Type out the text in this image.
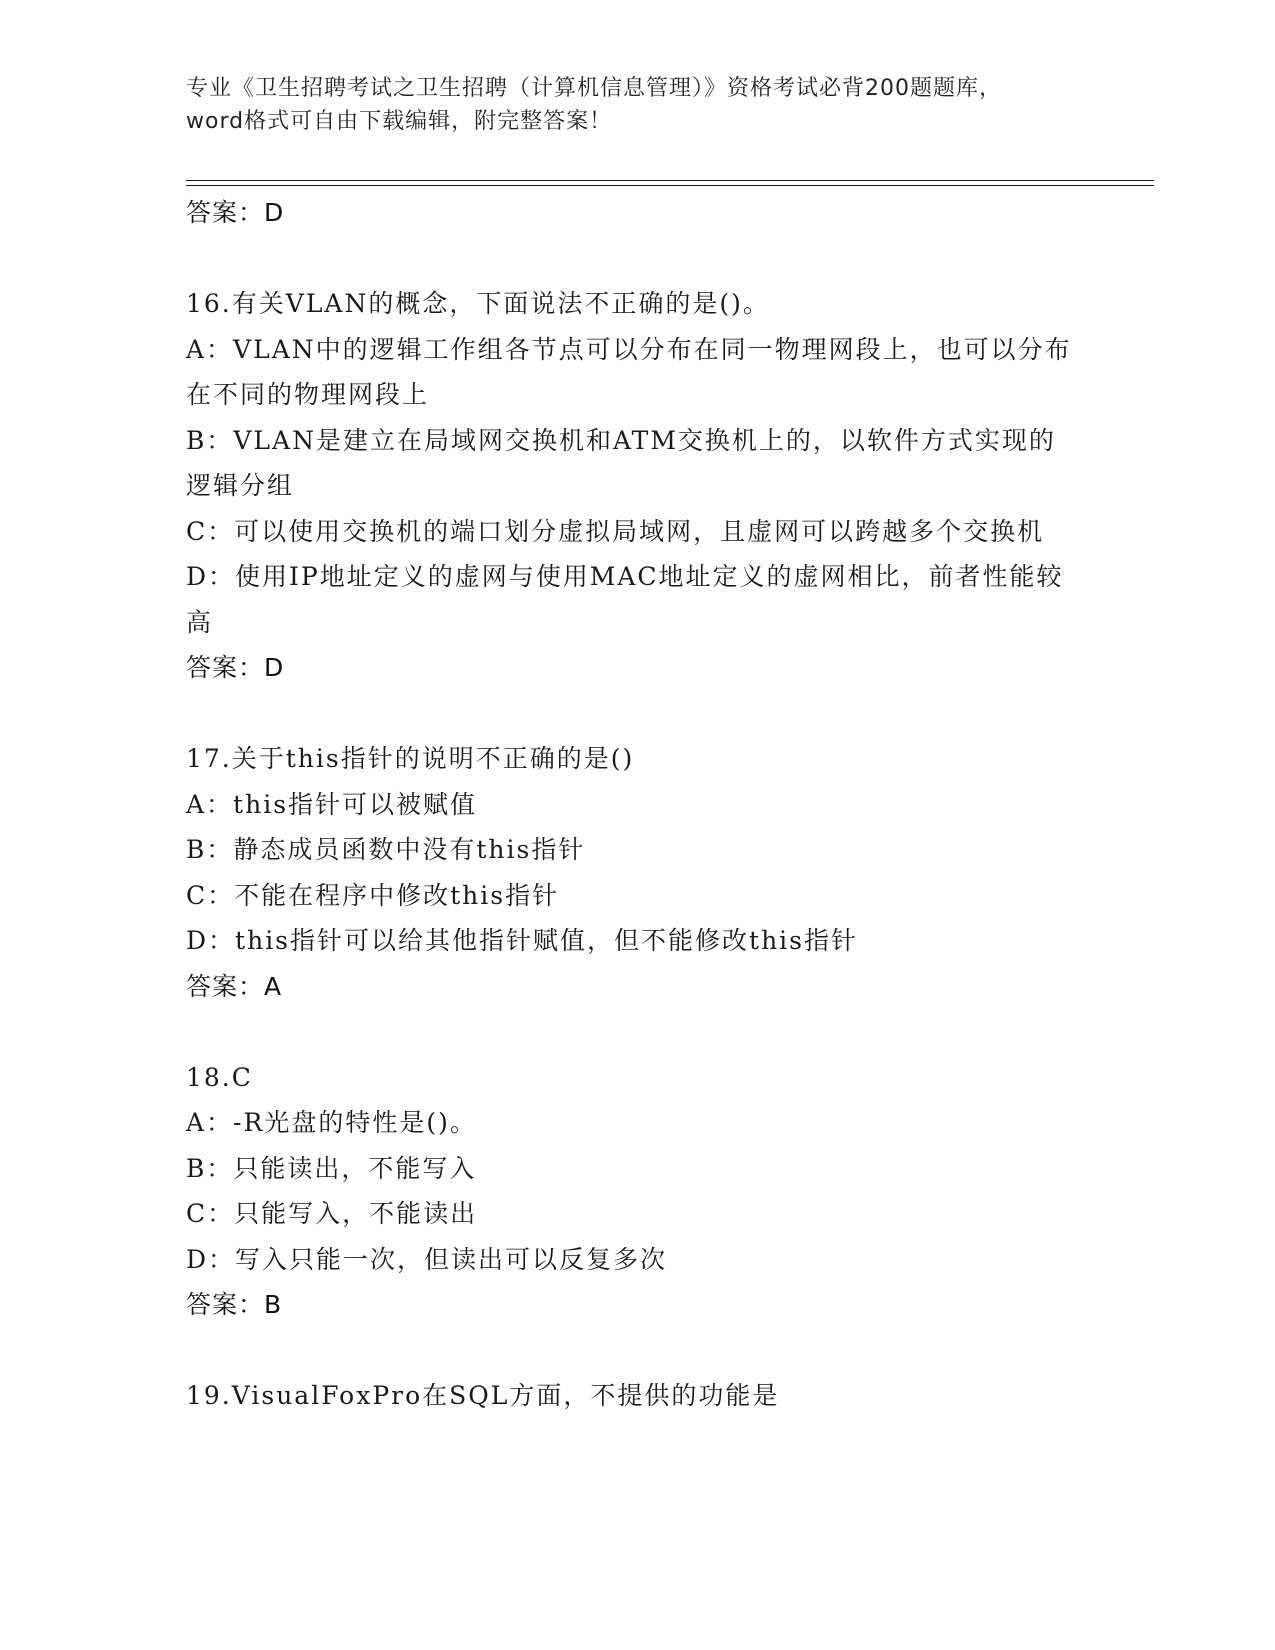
专业《卫生招聘考试之卫生招聘（计算机信息管理）》资格考试必背200题题库，
word格式可自由下载编辑，附完整答案！
答案：D
16.有关VLAN的概念，下面说法不正确的是()。
A：VLAN中的逻辑工作组各节点可以分布在同一物理网段上，也可以分布在不同的物理网段上
B：VLAN是建立在局域网交换机和ATM交换机上的，以软件方式实现的逻辑分组
C：可以使用交换机的端口划分虚拟局域网，且虚网可以跨越多个交换机
D：使用IP地址定义的虚网与使用MAC地址定义的虚网相比，前者性能较高
答案：D
17.关于this指针的说明不正确的是()
A：this指针可以被赋值
B：静态成员函数中没有this指针
C：不能在程序中修改this指针
D：this指针可以给其他指针赋值，但不能修改this指针
答案：A
18.C
A：-R光盘的特性是()。
B：只能读出，不能写入
C：只能写入，不能读出
D：写入只能一次，但读出可以反复多次
答案：B
19.VisualFoxPro在SQL方面，不提供的功能是
